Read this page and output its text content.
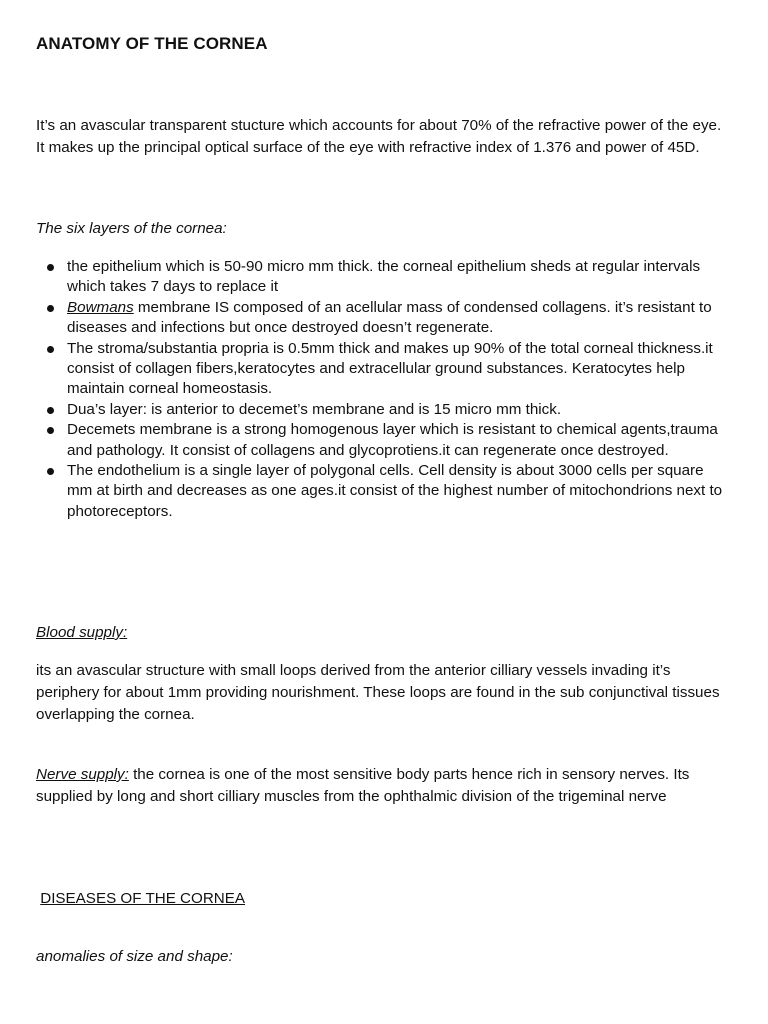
ANATOMY OF THE CORNEA
It’s an avascular transparent stucture which accounts for about 70% of the refractive power of the eye. It makes up the principal optical surface of the eye with refractive index of 1.376 and power of 45D.
The six layers of the cornea:
the epithelium which is 50-90 micro mm thick. the corneal epithelium sheds at regular intervals which takes 7 days to replace it
Bowmans membrane IS composed of an acellular mass of condensed collagens. it’s resistant to diseases and infections but once destroyed doesn’t regenerate.
The stroma/substantia propria is 0.5mm thick and makes up 90% of the total corneal thickness.it consist of collagen fibers,keratocytes and extracellular ground substances. Keratocytes help maintain corneal homeostasis.
Dua’s layer: is anterior to decemet’s membrane and is 15 micro mm thick.
Decemets membrane is a strong homogenous layer which is resistant to chemical agents,trauma and pathology. It consist of collagens and glycoprotiens.it can regenerate once destroyed.
The endothelium is a single layer of polygonal cells. Cell density is about 3000 cells per square mm at birth and decreases as one ages.it consist of the highest number of mitochondrions next to photoreceptors.
Blood supply:
its an avascular structure with small loops derived from the anterior cilliary vessels invading it’s periphery for about 1mm providing nourishment. These loops are found in the sub conjunctival tissues overlapping the cornea.
Nerve supply: the cornea is one of the most sensitive body parts hence rich in sensory nerves. Its supplied by long and short cilliary muscles from the ophthalmic division of the trigeminal nerve
DISEASES OF THE CORNEA
anomalies of size and shape:
